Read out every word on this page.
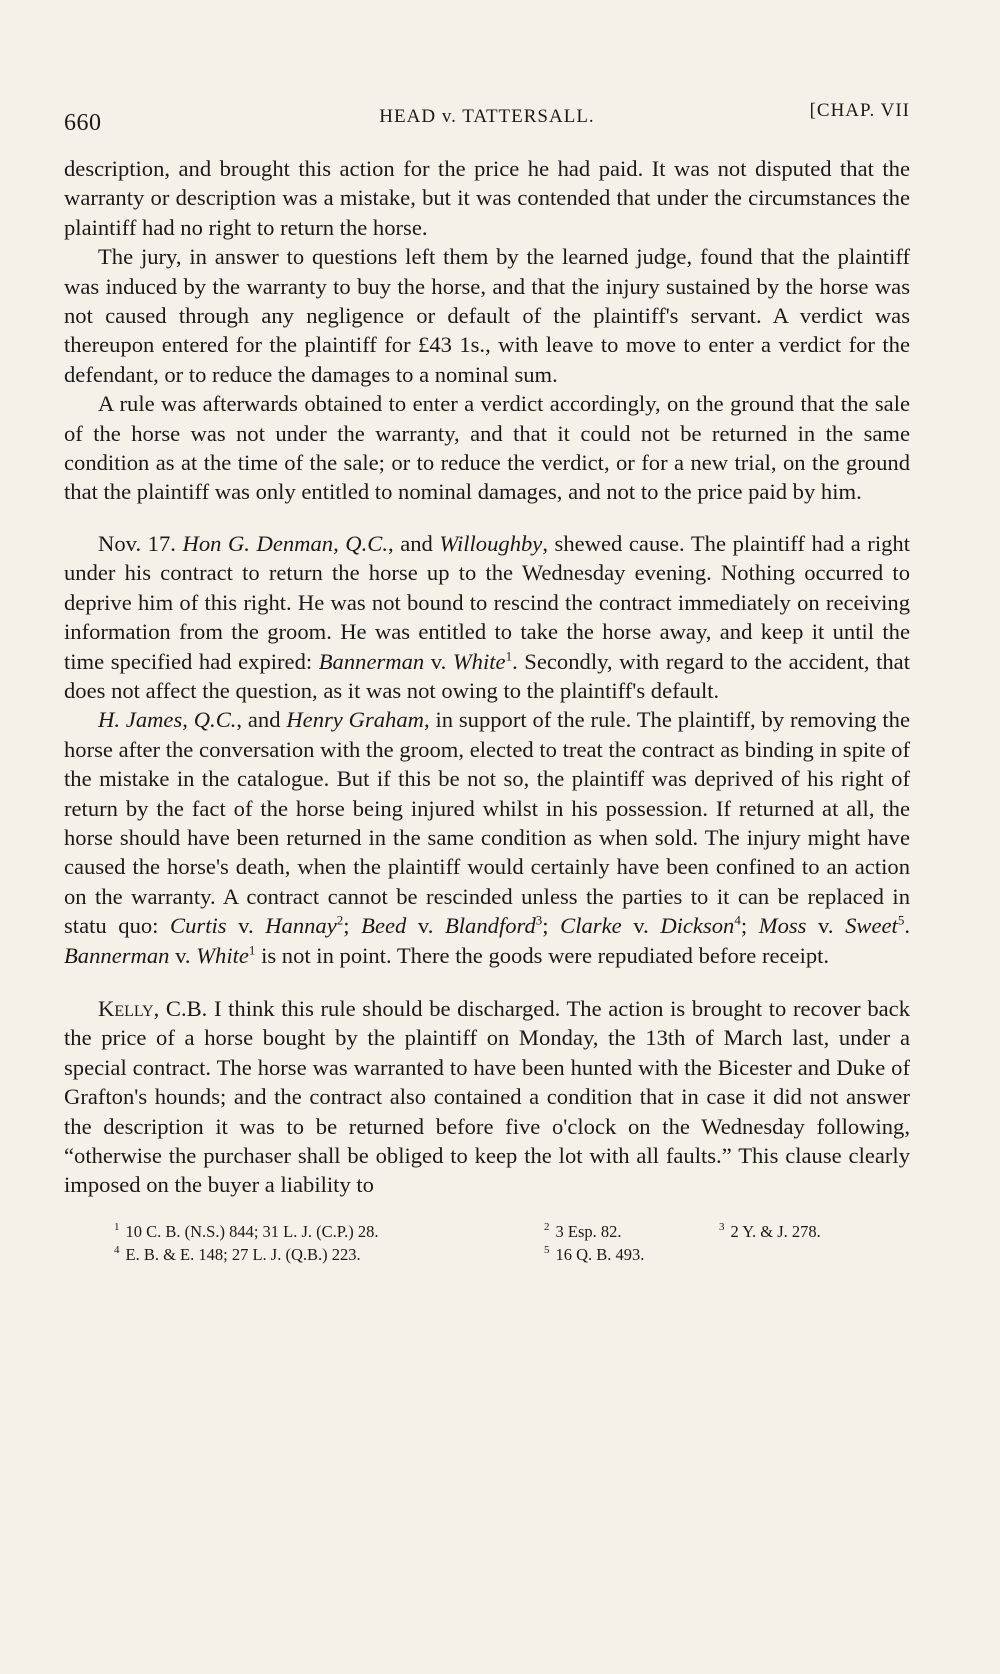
660	HEAD v. TATTERSALL.	[CHAP. VII

description, and brought this action for the price he had paid. It was not disputed that the warranty or description was a mistake, but it was contended that under the circumstances the plaintiff had no right to return the horse.

The jury, in answer to questions left them by the learned judge, found that the plaintiff was induced by the warranty to buy the horse, and that the injury sustained by the horse was not caused through any negligence or default of the plaintiff's servant. A verdict was thereupon entered for the plaintiff for £43 1s., with leave to move to enter a verdict for the defendant, or to reduce the damages to a nominal sum.

A rule was afterwards obtained to enter a verdict accordingly, on the ground that the sale of the horse was not under the warranty, and that it could not be returned in the same condition as at the time of the sale; or to reduce the verdict, or for a new trial, on the ground that the plaintiff was only entitled to nominal damages, and not to the price paid by him.

Nov. 17. Hon G. Denman, Q.C., and Willoughby, shewed cause. The plaintiff had a right under his contract to return the horse up to the Wednesday evening. Nothing occurred to deprive him of this right. He was not bound to rescind the contract immediately on receiving information from the groom. He was entitled to take the horse away, and keep it until the time specified had expired: Bannerman v. White$^1$. Secondly, with regard to the accident, that does not affect the question, as it was not owing to the plaintiff's default.

H. James, Q.C., and Henry Graham, in support of the rule. The plaintiff, by removing the horse after the conversation with the groom, elected to treat the contract as binding in spite of the mistake in the catalogue. But if this be not so, the plaintiff was deprived of his right of return by the fact of the horse being injured whilst in his possession. If returned at all, the horse should have been returned in the same condition as when sold. The injury might have caused the horse's death, when the plaintiff would certainly have been confined to an action on the warranty. A contract cannot be rescinded unless the parties to it can be replaced in statu quo: Curtis v. Hannay$^2$; Beed v. Blandford$^3$; Clarke v. Dickson$^4$; Moss v. Sweet$^5$. Bannerman v. White$^1$ is not in point. There the goods were repudiated before receipt.

Kelly, C.B. I think this rule should be discharged. The action is brought to recover back the price of a horse bought by the plaintiff on Monday, the 13th of March last, under a special contract. The horse was warranted to have been hunted with the Bicester and Duke of Grafton's hounds; and the contract also contained a condition that in case it did not answer the description it was to be returned before five o'clock on the Wednesday following, “otherwise the purchaser shall be obliged to keep the lot with all faults.” This clause clearly imposed on the buyer a liability to

$^1$ 10 C. B. (N.S.) 844; 31 L. J. (C.P.) 28.	$^2$ 3 Esp. 82.	$^3$ 2 Y. & J. 278.
$^4$ E. B. & E. 148; 27 L. J. (Q.B.) 223.	$^5$ 16 Q. B. 493.
